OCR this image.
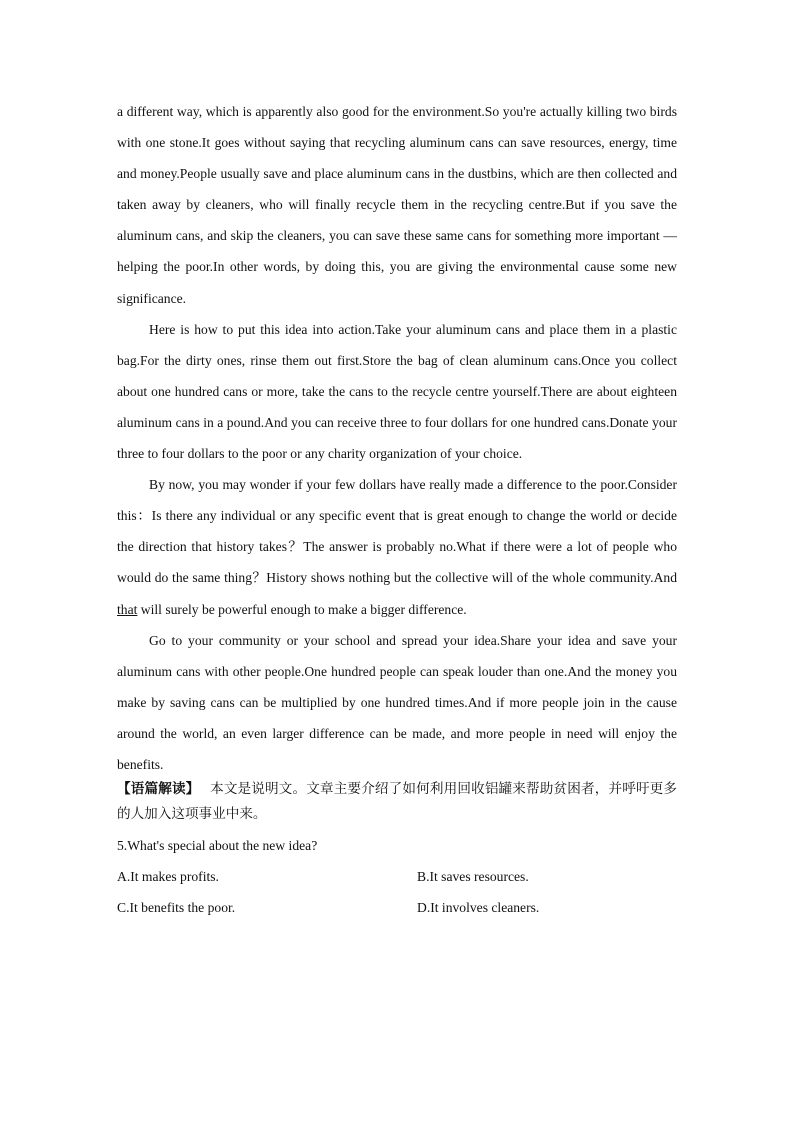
a different way, which is apparently also good for the environment.So you're actually killing two birds with one stone.It goes without saying that recycling aluminum cans can save resources, energy, time and money.People usually save and place aluminum cans in the dustbins, which are then collected and taken away by cleaners, who will finally recycle them in the recycling centre.But if you save the aluminum cans, and skip the cleaners, you can save these same cans for something more important —helping the poor.In other words, by doing this, you are giving the environmental cause some new significance.

Here is how to put this idea into action.Take your aluminum cans and place them in a plastic bag.For the dirty ones, rinse them out first.Store the bag of clean aluminum cans.Once you collect about one hundred cans or more, take the cans to the recycle centre yourself.There are about eighteen aluminum cans in a pound.And you can receive three to four dollars for one hundred cans.Donate your three to four dollars to the poor or any charity organization of your choice.

By now, you may wonder if your few dollars have really made a difference to the poor.Consider this：Is there any individual or any specific event that is great enough to change the world or decide the direction that history takes？The answer is probably no.What if there were a lot of people who would do the same thing？History shows nothing but the collective will of the whole community.And that will surely be powerful enough to make a bigger difference.

Go to your community or your school and spread your idea.Share your idea and save your aluminum cans with other people.One hundred people can speak louder than one.And the money you make by saving cans can be multiplied by one hundred times.And if more people join in the cause around the world, an even larger difference can be made, and more people in need will enjoy the benefits.

【语篇解读】 本文是说明文。文章主要介绍了如何利用回收铝罐来帮助贫困者，并呼吁更多的人加入这项事业中来。

5.What's special about the new idea?
A.It makes profits.	B.It saves resources.
C.It benefits the poor.	D.It involves cleaners.
